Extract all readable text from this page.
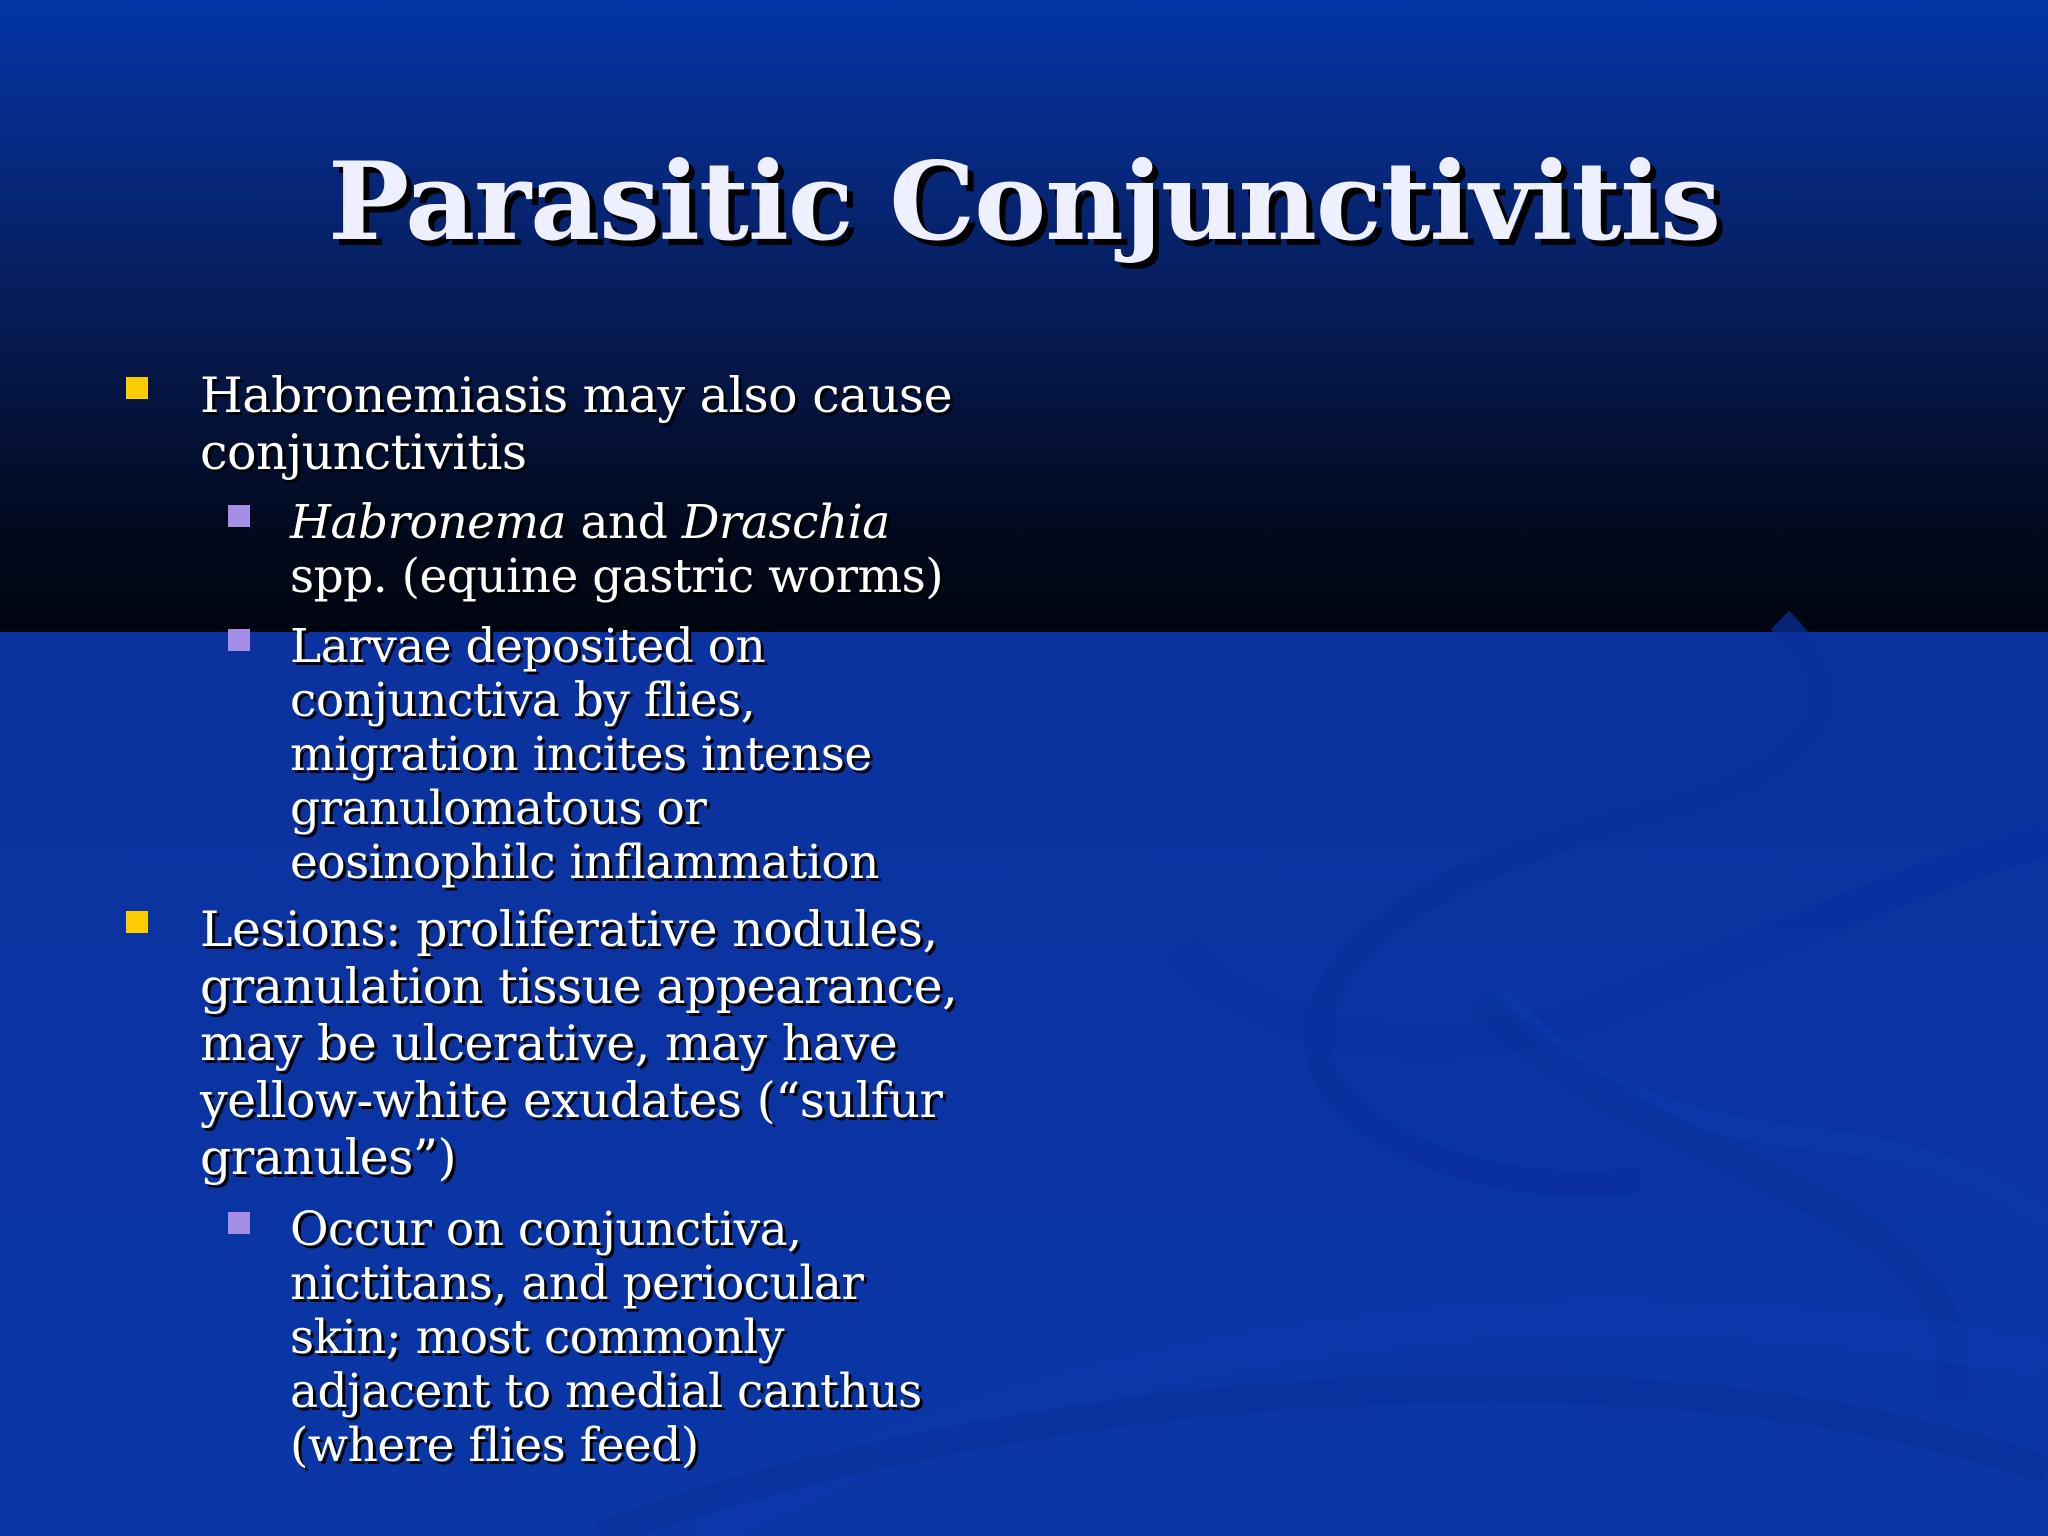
Parasitic Conjunctivitis
Habronemiasis may also cause conjunctivitis
Habronema and Draschia spp. (equine gastric worms)
Larvae deposited on conjunctiva by flies, migration incites intense granulomatous or eosinophilc inflammation
Lesions: proliferative nodules, granulation tissue appearance, may be ulcerative, may have yellow-white exudates (“sulfur granules”)
Occur on conjunctiva, nictitans, and periocular skin; most commonly adjacent to medial canthus (where flies feed)
